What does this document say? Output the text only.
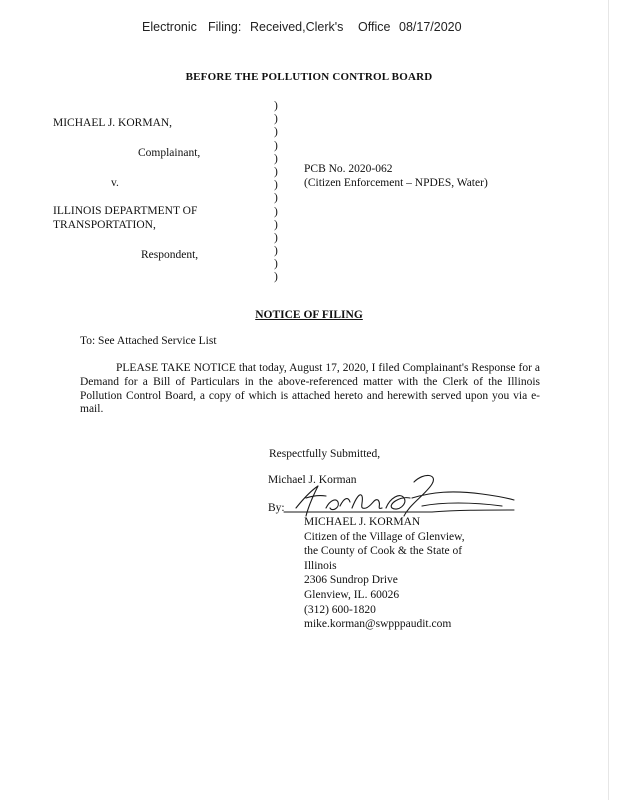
Electronic

Filing:

Received,Clerk's

Office

08/17/2020

BEFORE THE POLLUTION CONTROL BOARD
MICHAEL J. KORMAN,
Complainant,
v.
ILLINOIS DEPARTMENT OF
TRANSPORTATION,
Respondent,
)
)
)
)
)
)
)
)
)
)
)
)
)
)
PCB No. 2020-062
(Citizen Enforcement – NPDES, Water)
NOTICE OF FILING
To: See Attached Service List
PLEASE TAKE NOTICE that today, August 17, 2020, I filed Complainant's Response for a Demand for a Bill of Particulars in the above-referenced matter with the Clerk of the Illinois Pollution Control Board, a copy of which is attached hereto and herewith served upon you via e-mail.
Respectfully Submitted,
Michael J. Korman
By:
MICHAEL J. KORMAN
Citizen of the Village of Glenview,
the County of Cook & the State of
Illinois
2306 Sundrop Drive
Glenview, IL. 60026
(312) 600-1820
mike.korman@swpppaudit.com
